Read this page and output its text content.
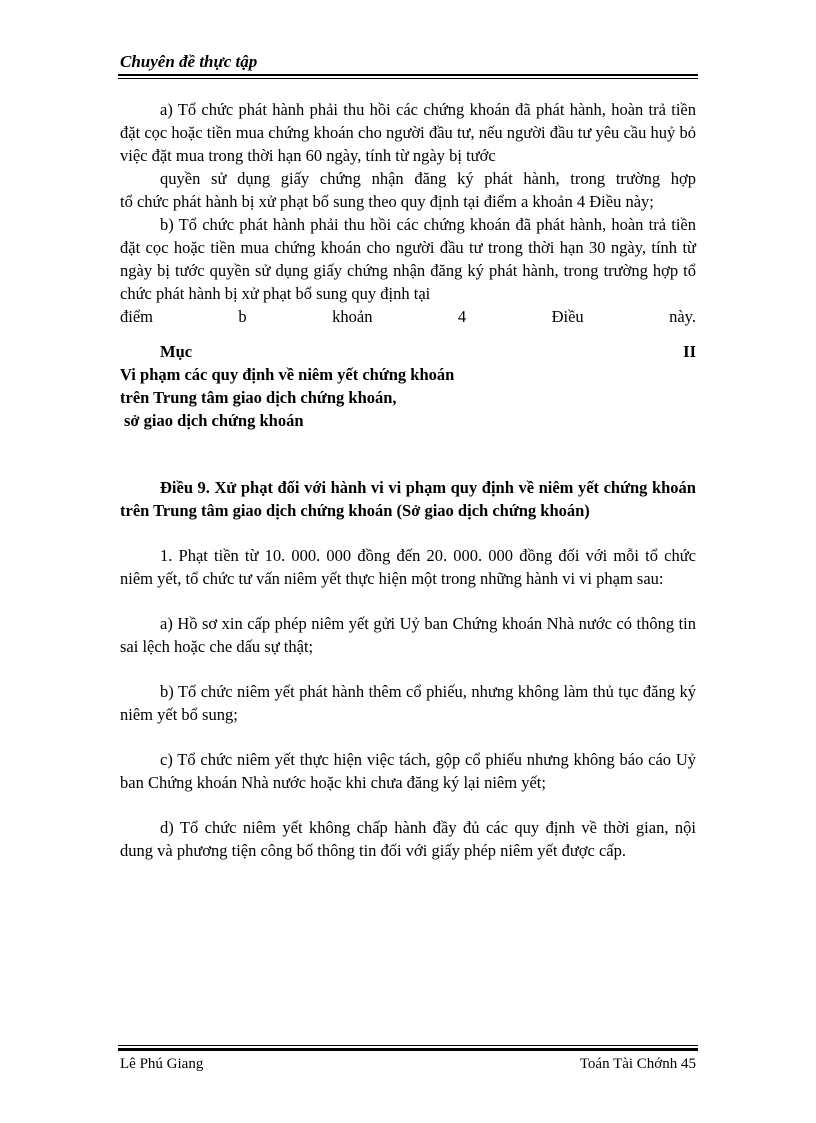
Chuyên đề thực tập

a) Tổ chức phát hành phải thu hồi các chứng khoán đã phát hành, hoàn trả tiền đặt cọc hoặc tiền mua chứng khoán cho người đầu tư, nếu người đầu tư yêu cầu huỷ bỏ việc đặt mua trong thời hạn 60 ngày, tính từ ngày bị tước

quyền sử dụng giấy chứng nhận đăng ký phát hành, trong trường hợp

tổ chức phát hành bị xử phạt bổ sung theo quy định tại điểm a khoản 4 Điều này;

b) Tổ chức phát hành phải thu hồi các chứng khoán đã phát hành, hoàn trả tiền đặt cọc hoặc tiền mua chứng khoán cho người đầu tư trong thời hạn 30 ngày, tính từ ngày bị tước quyền sử dụng giấy chứng nhận đăng ký phát hành, trong trường hợp tổ chức phát hành bị xử phạt bổ sung quy định tại

điểm b khoản 4 Điều này.

Mục	II

Vi phạm các quy định về niêm yết chứng khoán

trên Trung tâm giao dịch chứng khoán,

sở giao dịch chứng khoán

Điều 9. Xử phạt đối với hành vi vi phạm quy định về niêm yết chứng khoán trên Trung tâm giao dịch chứng khoán (Sở giao dịch chứng khoán)

1. Phạt tiền từ 10. 000. 000 đồng đến 20. 000. 000 đồng đối với mỗi tổ chức niêm yết, tổ chức tư vấn niêm yết thực hiện một trong những hành vi vi phạm sau:

a) Hồ sơ xin cấp phép niêm yết gửi Uỷ ban Chứng khoán Nhà nước có thông tin sai lệch hoặc che dấu sự thật;

b) Tổ chức niêm yết phát hành thêm cổ phiếu, nhưng không làm thủ tục đăng ký niêm yết bổ sung;

c) Tổ chức niêm yết thực hiện việc tách, gộp cổ phiếu nhưng không báo cáo Uỷ ban Chứng khoán Nhà nước hoặc khi chưa đăng ký lại niêm yết;

d) Tổ chức niêm yết không chấp hành đầy đủ các quy định về thời gian, nội dung và phương tiện công bố thông tin đối với giấy phép niêm yết được cấp.

Lê Phú Giang	Toán Tài Chớnh 45
